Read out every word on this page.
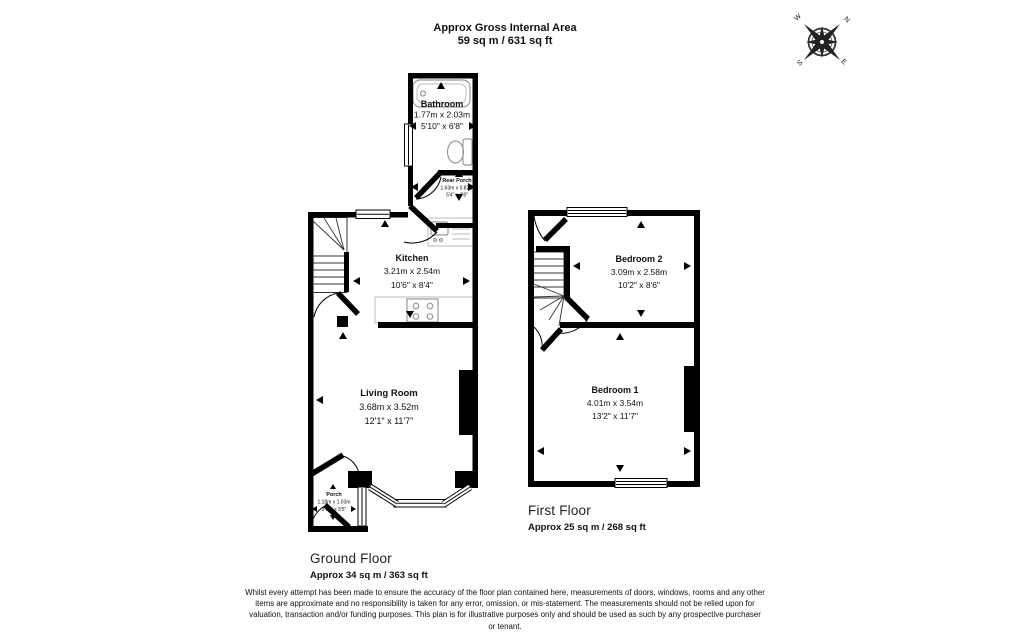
Approx Gross Internal Area
59 sq m / 631 sq ft
N
W
S	E
Bathroom
1.77m x 2.03m
5'10" x 6'8"
Rear Porch
1.63m x 0.82m
5'4" x 2'8"
Kitchen
3.21m x 2.54m
10'6" x 8'4"
Living Room
3.68m x 3.52m
12'1" x 11'7"
Porch
1.18m x 1.03m
3'10" x 3'5"
Bedroom 2
3.09m x 2.58m
10'2" x 8'6"
Bedroom 1
4.01m x 3.54m
13'2" x 11'7"
Ground Floor
Approx 34 sq m / 363 sq ft
First Floor
Approx 25 sq m / 268 sq ft
Whilst every attempt has been made to ensure the accuracy of the floor plan contained here, measurements of doors, windows, rooms and any other items are approximate and no responsibility is taken for any error, omission, or mis-statement. The measurements should not be relied upon for valuation, transaction and/or funding purposes. This plan is for illustrative purposes only and should be used as such by any prospective purchaser or tenant.
